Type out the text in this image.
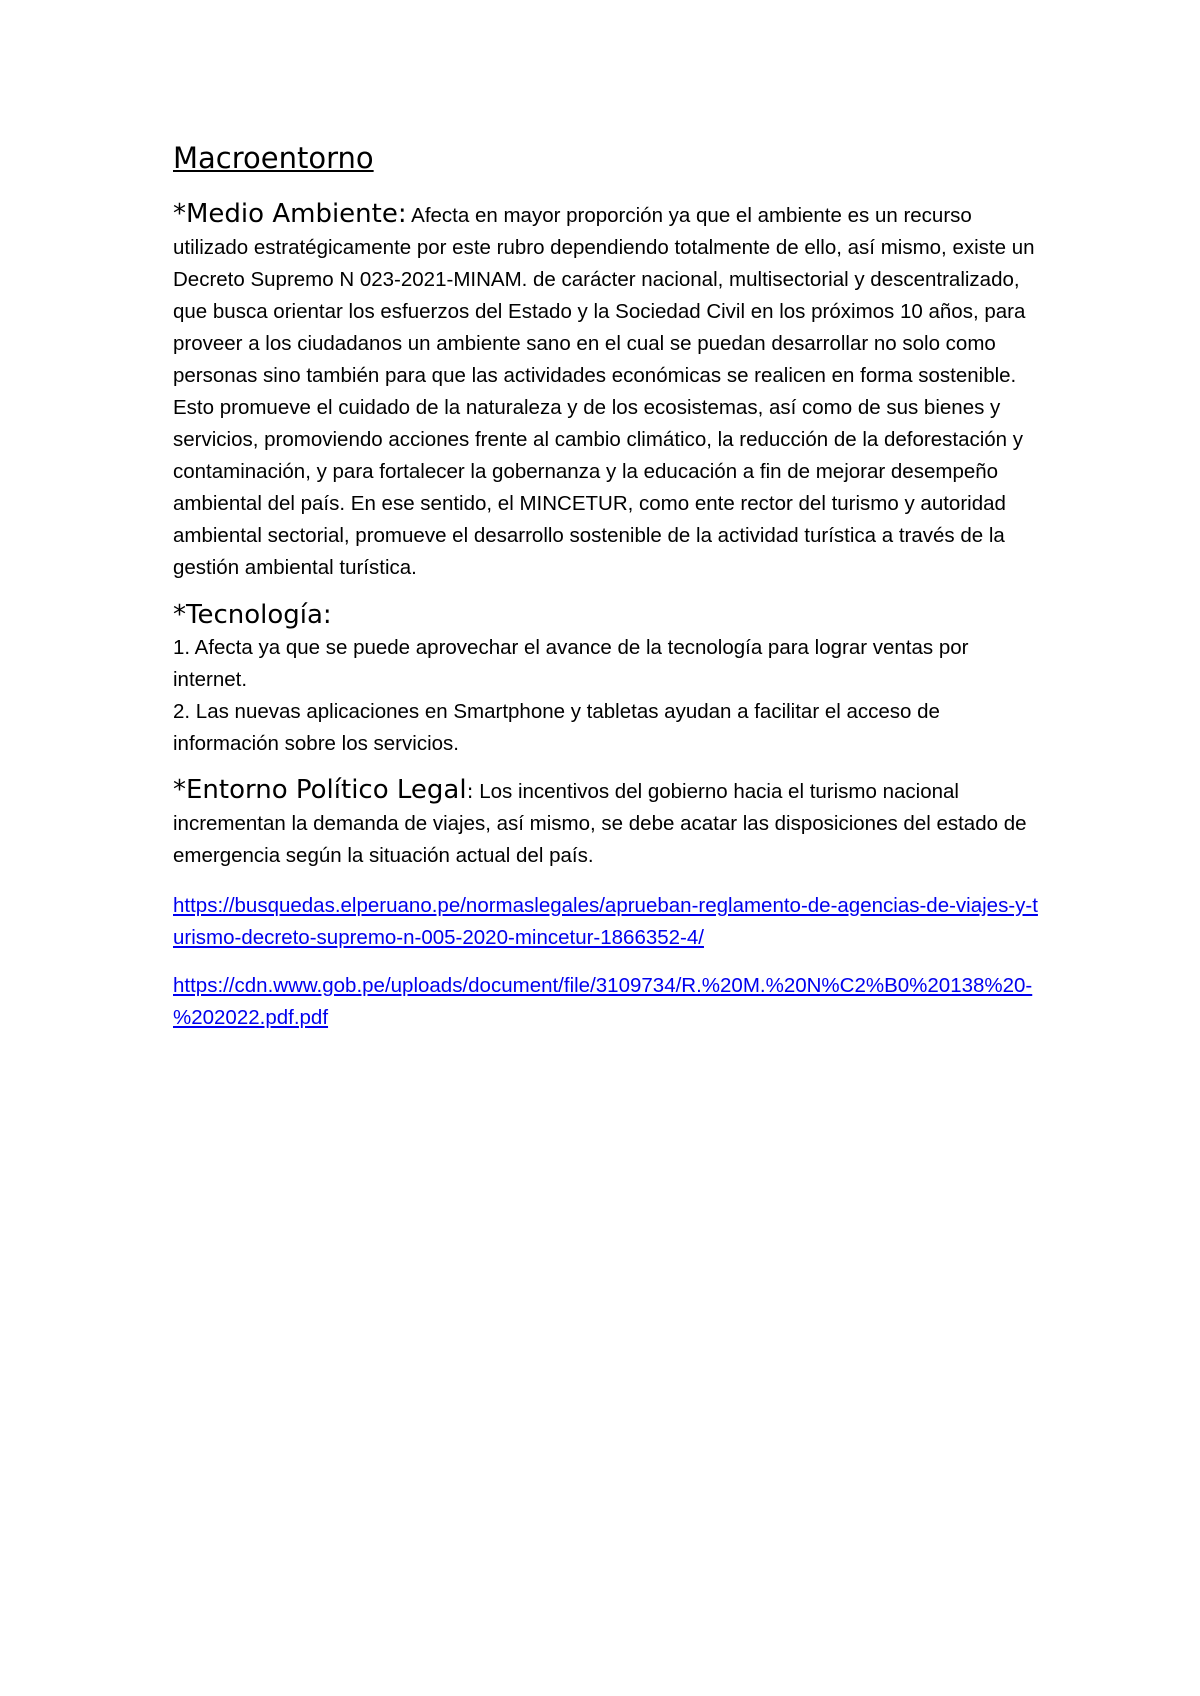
Macroentorno

*Medio Ambiente: Afecta en mayor proporción ya que el ambiente es un recurso utilizado estratégicamente por este rubro dependiendo totalmente de ello, así mismo, existe un Decreto Supremo N 023-2021-MINAM. de carácter nacional, multisectorial y descentralizado, que busca orientar los esfuerzos del Estado y la Sociedad Civil en los próximos 10 años, para proveer a los ciudadanos un ambiente sano en el cual se puedan desarrollar no solo como personas sino también para que las actividades económicas se realicen en forma sostenible. Esto promueve el cuidado de la naturaleza y de los ecosistemas, así como de sus bienes y servicios, promoviendo acciones frente al cambio climático, la reducción de la deforestación y contaminación, y para fortalecer la gobernanza y la educación a fin de mejorar desempeño ambiental del país. En ese sentido, el MINCETUR, como ente rector del turismo y autoridad ambiental sectorial, promueve el desarrollo sostenible de la actividad turística a través de la gestión ambiental turística.

*Tecnología:

1. Afecta ya que se puede aprovechar el avance de la tecnología para lograr ventas por internet.

2. Las nuevas aplicaciones en Smartphone y tabletas ayudan a facilitar el acceso de información sobre los servicios.

*Entorno Político Legal: Los incentivos del gobierno hacia el turismo nacional incrementan la demanda de viajes, así mismo, se debe acatar las disposiciones del estado de emergencia según la situación actual del país.

https://busquedas.elperuano.pe/normaslegales/aprueban-reglamento-de-agencias-de-viajes-y-turismo-decreto-supremo-n-005-2020-mincetur-1866352-4/
https://cdn.www.gob.pe/uploads/document/file/3109734/R.%20M.%20N%C2%B0%20138%20-%202022.pdf.pdf
